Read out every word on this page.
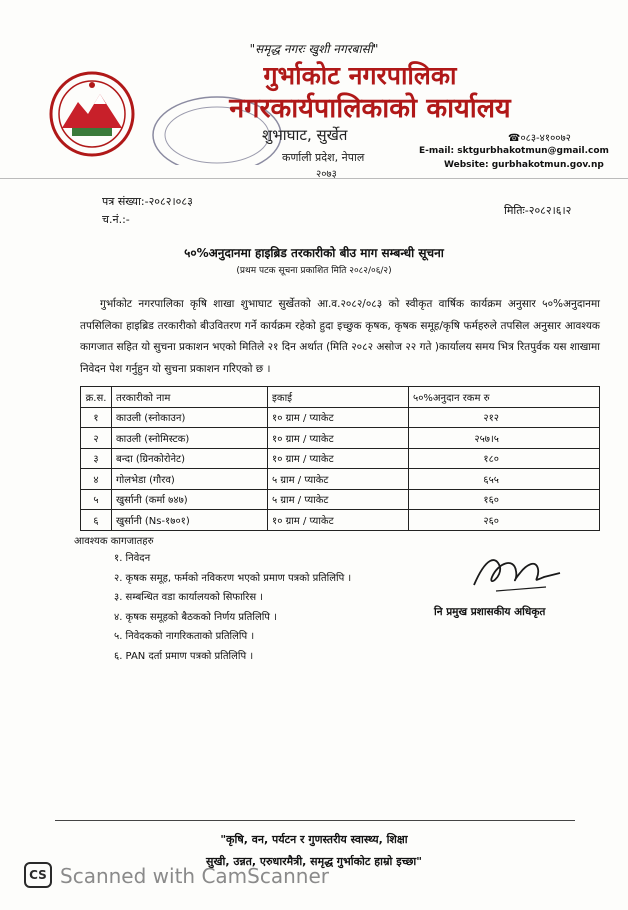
"समृद्ध नगरः खुशी नगरबासी"
गुर्भाकोट नगरपालिका
नगरकार्यपालिकाको कार्यालय
शुभाघाट, सुर्खेत
कर्णाली प्रदेश, नेपाल
२०७३
☎०८३-४१००७२
E-mail: sktgurbhakotmun@gmail.com
Website: gurbhakotmun.gov.np
पत्र संख्या:-२०८२।०८३
च.नं.:-
मितिः-२०८२।६।२
५०%अनुदानमा हाइब्रिड तरकारीको बीउ माग सम्बन्धी सूचना
(प्रथम पटक सूचना प्रकाशित मिति २०८२/०६/२)
गुर्भाकोट नगरपालिका कृषि शाखा शुभाघाट सुर्खेतको आ.व.२०८२/०८३ को स्वीकृत वार्षिक कार्यक्रम अनुसार ५०%अनुदानमा तपसिलिका हाइब्रिड तरकारीको बीउवितरण गर्ने कार्यक्रम रहेको हुदा इच्छुक कृषक, कृषक समूह/कृषि फर्महरुले तपसिल अनुसार आवश्यक कागजात सहित यो सुचना प्रकाशन भएको मितिले २१ दिन अर्थात (मिति २०८२ असोज २२ गते )कार्यालय समय भित्र रितपुर्वक यस शाखामा निवेदन पेश गर्नुहुन यो सुचना प्रकाशन गरिएको छ ।
क्र.स.	तरकारीको नाम	इकाई	५०%अनुदान रकम रु
१	काउली (स्नोकाउन)	१० ग्राम / प्याकेट	२१२
२	काउली (स्नोमिस्टक)	१० ग्राम / प्याकेट	२५७।५
३	बन्दा (ग्रिनकोरोनेट)	१० ग्राम / प्याकेट	१८०
४	गोलभेडा (गौरव)	५ ग्राम / प्याकेट	६५५
५	खुर्सानी (कर्मा ७४७)	५ ग्राम / प्याकेट	१६०
६	खुर्सानी (Ns-१७०१)	१० ग्राम / प्याकेट	२६०
आवश्यक कागजातहरु
१. निवेदन
२. कृषक समूह, फर्मको नविकरण भएको प्रमाण पत्रको प्रतिलिपि ।
३. सम्बन्धित वडा कार्यालयको सिफारिस ।
४. कृषक समूहको बैठकको निर्णय प्रतिलिपि ।
५. निवेदकको नागरिकताको प्रतिलिपि ।
६. PAN दर्ता प्रमाण पत्रको प्रतिलिपि ।
नि प्रमुख प्रशासकीय अधिकृत
"कृषि, वन, पर्यटन र गुणस्तरीय स्वास्थ्य, शिक्षा
सुखी, उन्नत, एरुधारमैत्री, समृद्ध गुर्भाकोट हाम्रो इच्छा"
CS Scanned with CamScanner
